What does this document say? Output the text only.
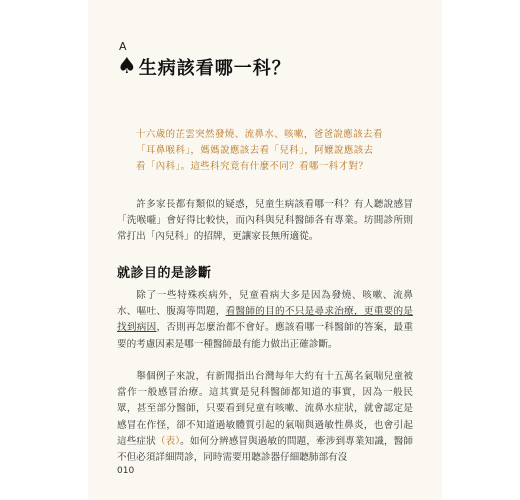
A
♠ 生病該看哪一科？

十六歲的芷雲突然發燒、流鼻水、咳嗽，爸爸說應該去看

「耳鼻喉科」，媽媽說應該去看「兒科」，阿嬤說應該去

看「內科」。這些科究竟有什麼不同？看哪一科才對？

許多家長都有類似的疑惑，兒童生病該看哪一科？有人聽說感冒「洗喉嚨」會好得比較快，而內科與兒科醫師各有專業。坊間診所則常打出「內兒科」的招牌，更讓家長無所適從。

就診目的是診斷

除了一些特殊疾病外，兒童看病大多是因為發燒、咳嗽、流鼻水、嘔吐、腹瀉等問題，看醫師的目的不只是尋求治療，更重要的是找到病因，否則再怎麼治都不會好。應該看哪一科醫師的答案，最重要的考慮因素是哪一種醫師最有能力做出正確診斷。

舉個例子來說，有新聞指出台灣每年大約有十五萬名氣喘兒童被當作一般感冒治療。這其實是兒科醫師都知道的事實，因為一般民眾，甚至部分醫師，只要看到兒童有咳嗽、流鼻水症狀，就會認定是感冒在作怪，卻不知道過敏體質引起的氣喘與過敏性鼻炎，也會引起這些症狀（表）。如何分辨感冒與過敏的問題，牽涉到專業知識，醫師不但必須詳細問診，同時需要用聽診器仔細聽肺部有沒

010
